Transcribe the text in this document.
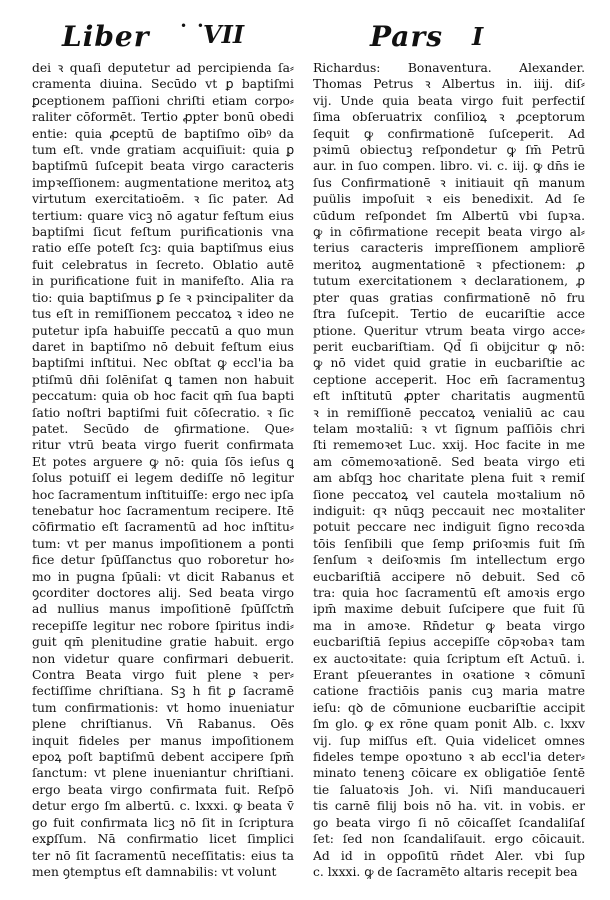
Liber	• •
VII	Pars I
dei ꝛ quaſi deputetur ad percipienda ſa⸗
cramenta diuina. Secūdo vt ꝑ baptiſmi
ꝑceptionem paſſioni chriſti etiam corpo⸗
raliter cōformēt. Tertio ꝓpter bonū obedi
entie: quia ꝓceptū de baptiſmo oībꝰ da
tum eſt. vnde gratiam acquiſiuit: quia ꝑ
baptiſmū ſuſcepit beata virgo caracteris
impꝛeſſionem: augmentatione meritoꝝ atꝫ
virtutum exercitatioēm. ꝛ ſic pater. Ad
tertium: quare vicꝫ nō agatur feſtum eius
baptiſmi ſicut feſtum purificationis vna
ratio eſſe poteſt ſcꝫ: quia baptiſmus eius
fuit celebratus in ſecreto. Oblatio autē
in purificatione fuit in manifeſto. Alia ra
tio: quia baptiſmus ꝑ ſe ꝛ pꝛincipaliter da
tus eſt in remiſſionem peccatoꝝ ꝛ ideo ne
putetur ipſa habuiſſe peccatū a quo mun
daret in baptiſmo nō debuit feſtum eius
baptiſmi inſtitui. Nec obſtat ꝙ eccl'ia ba
ptiſmū dn̄i ſolēniſat ꝗ tamen non habuit
peccatum: quia ob hoc facit qm̄ ſua bapti
ſatio noſtri baptiſmi fuit cōſecratio. ꝛ ſic
patet. Secūdo de ꝯfirmatione. Que⸗
ritur vtrū beata virgo fuerit confirmata
Et potes arguere ꝙ nō: quia ſōs ieſus ꝗ
ſolus potuiſſ ei legem dediſſe nō legitur
hoc ſacramentum inſtituiſſe: ergo nec ipſa
tenebatur hoc ſacramentum recipere. Itē
cōfirmatio eſt ſacramentū ad hoc inſtitu⸗
tum: vt per manus impoſitionem a ponti
fice detur ſpūſſanctus quo roboretur ho⸗
mo in pugna ſpūali: vt dicit Rabanus et
ꝯcorditer doctores alij. Sed beata virgo
ad nullius manus impoſitionē ſpūſſctm̄
recepiſſe legitur nec robore ſpiritus indi⸗
guit qm̄ plenitudine gratie habuit. ergo
non videtur quare confirmari debuerit.
Contra Beata virgo fuit plene ꝛ per⸗
fectiſſime chriſtiana. Sꝫ h fit ꝑ ſacramē
tum confirmationis: vt homo inueniatur
plene chriſtianus. Vn̄ Rabanus. Oēs
inquit fideles per manus impoſitionem
epoꝝ poſt baptiſmū debent accipere ſpm̄
ſanctum: vt plene inueniantur chriſtiani.
ergo beata virgo confirmata fuit. Reſpō
detur ergo ſm albertū. c. lxxxi. ꝙ beata v̄
go fuit confirmata licꝫ nō ſit in ſcriptura
exꝑſſum. Nā confirmatio licet ſimplici
ter nō ſit ſacramentū neceſſitatis: eius ta
men ꝯtemptus eſt damnabilis: vt volunt
Richardus: Bonaventura. Alexander.
Thomas Petrus ꝛ Albertus in. iiij. diſ⸗
vij. Unde quia beata virgo fuit perfectiſ
ſima obſeruatrix conſilioꝝ ꝛ ꝓceptorum
ſequit ꝙ confirmationē ſuſceperit. Ad
pꝛimū obiectuꝫ reſpondetur ꝙ ſm̄ Petrū
aur. in ſuo compen. libro. vi. c. iij. ꝙ dn̄s ie
ſus Confirmationē ꝛ initiauit qn̄ manum
puülis impoſuit ꝛ eis benedixit. Ad ſe
cūdum reſpondet ſm Albertū vbi ſupꝛa.
ꝙ in cōfirmatione recepit beata virgo al⸗
terius caracteris impreſſionem ampliorē
meritoꝝ augmentationē ꝛ pfectionem: ꝓ
tutum exercitationem ꝛ declarationem, ꝓ
pter quas gratias confirmationē nō fru
ſtra ſuſcepit. Tertio de eucariſtie acce
ptione. Queritur vtrum beata virgo acce⸗
perit eucbariſtiam. Qd̄ ſi obijcitur ꝙ nō:
ꝙ nō videt quid gratie in eucbariſtie ac
ceptione acceperit. Hoc em̄ ſacramentuꝫ
eſt inſtitutū ꝓpter charitatis augmentū
ꝛ in remiſſionē peccatoꝝ venialiū ac cau
telam moꝛtaliū: ꝛ vt ſignum paſſiōis chri
ſti rememoꝛet Luc. xxij. Hoc facite in me
am cōmemoꝛationē. Sed beata virgo eti
am abſqꝫ hoc charitate plena fuit ꝛ remiſ
ſione peccatoꝝ vel cautela moꝛtalium nō
indiguit: qꝛ nūqꝫ peccauit nec moꝛtaliter
potuit peccare nec indiguit ſigno recoꝛda
tōis ſenſibili que ſemp ꝑriſoꝛmis fuit ſm̄
ſenſum ꝛ deiſoꝛmis ſm intellectum ergo
eucbariſtiā accipere nō debuit. Sed cō
tra: quia hoc ſacramentū eſt amoꝛis ergo
ipm̄ maxime debuit ſuſcipere que fuit ſū
ma in amoꝛe. Rn̄detur ꝙ beata virgo
eucbariſtiā ſepius accepiſſe cōpꝛobaꝛ tam
ex auctoꝛitate: quia ſcriptum eſt Actuū. i.
Erant pſeuerantes in oꝛatione ꝛ cōmunī
catione fractiōis panis cuꝫ maria matre
ieſu: qꝺ de cōmunione eucbariſtie accipit
ſm glo. ꝙ ex rōne quam ponit Alb. c. lxxv
vij. ſup miſſus eſt. Quia videlicet omnes
fideles tempe opoꝛtuno ꝛ ab eccl'ia deter⸗
minato tenenꝫ cōicare ex obligatiōe ſentē
tie ſaluatoꝛis Joh. vi. Niſi manducaueri
tis carnē filij bois nō ha. vit. in vobis. er
go beata virgo ſi nō cōicaſſet ſcandaliſaſ
ſet: ſed non ſcandaliſauit. ergo cōicauit.
Ad id in oppoſitū rn̄det Aler. vbi ſup
c. lxxxi. ꝙ de ſacramēto altaris recepit bea
